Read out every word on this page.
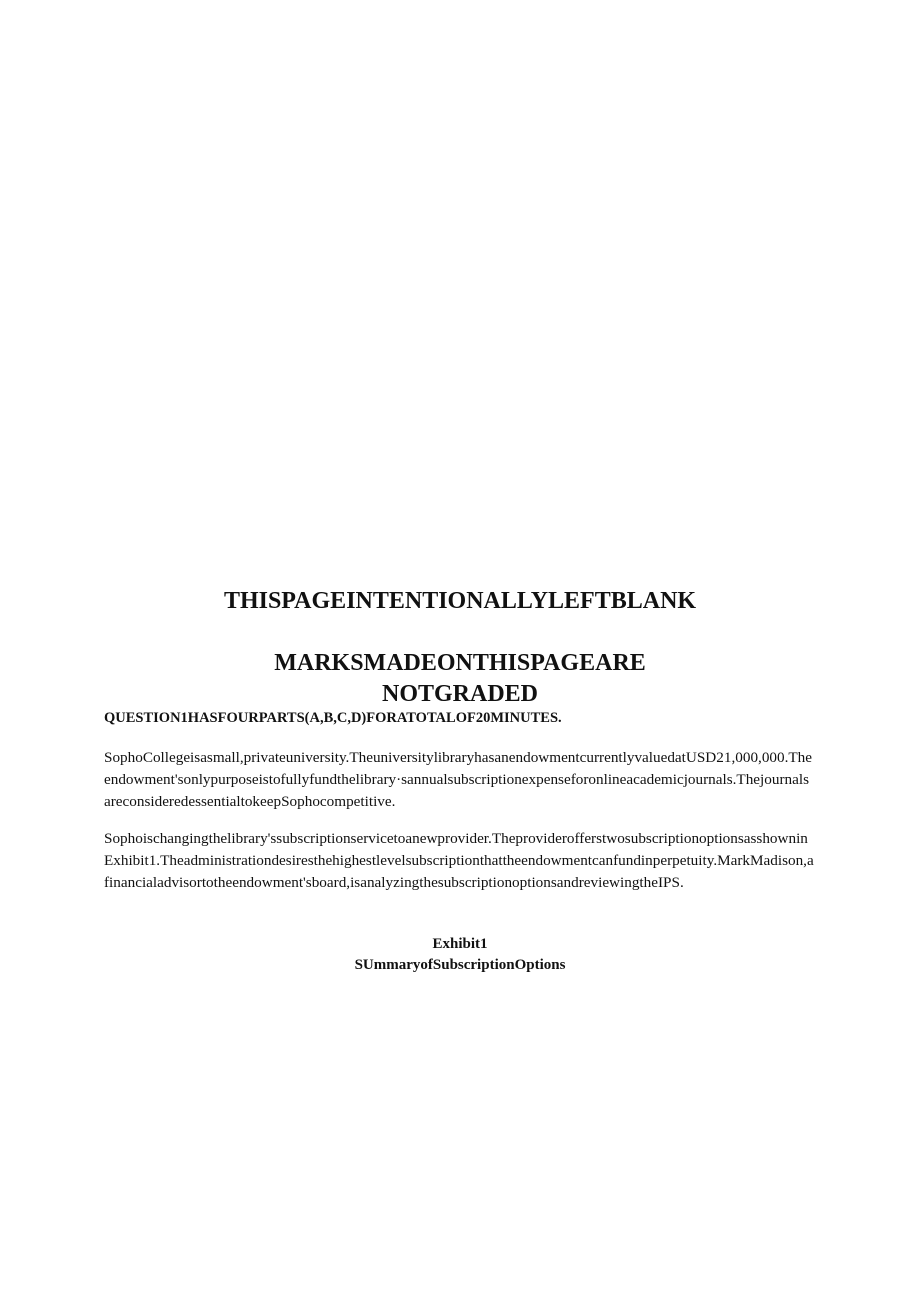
THISPAGEINTENTIONALLYLEFTBLANK
MARKSMADEONTHISPAGEARE NOTGRADED
QUESTION1HASFOURPARTS(A,B,C,D)FORATOTALOF20MINUTES.
SophoCollegeisasmall,privateuniversity.TheuniversitylibraryhasanendowmentcurrentlyvaluedatUSD21,000,000.Theendowment'sonlypurposeistofullyfundthelibrary·sannualsubscriptionexpenseforonlineacademicjournals.ThejournalsareconsideredessentialtokeepSophocompetitive.
Sophoischangingthelibrary'ssubscriptionservicetoanewprovider.TheproviderofferstwosubscriptionoptionsasshowninExhibit1.Theadministrationdesiresthehighestlevelsubscriptionthattheendowmentcanfundinperpetuity.MarkMadison,afinancialadvisortotheendowment'sboard,isanalyzingthesubscriptionoptionsandreviewingtheIPS.
Exhibit1
SUmmaryofSubscriptionOptions
